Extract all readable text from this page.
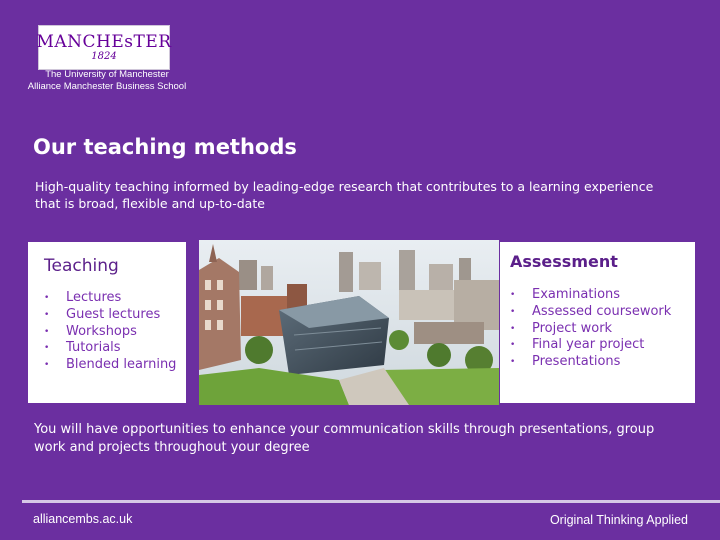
MANCHEsTER
1824
The University of Manchester
Alliance Manchester Business School
Our teaching methods

High-quality teaching informed by leading-edge research that contributes to a learning experience that is broad, flexible and up-to-date

Teaching
•	Lectures
•	Guest lectures
•	Workshops
•	Tutorials
•	Blended learning
Assessment
•	Examinations
•	Assessed coursework
•	Project work
•	Final year project
•	Presentations

You will have opportunities to enhance your communication skills through presentations, group work and projects throughout your degree

alliancembs.ac.uk	Original Thinking Applied
